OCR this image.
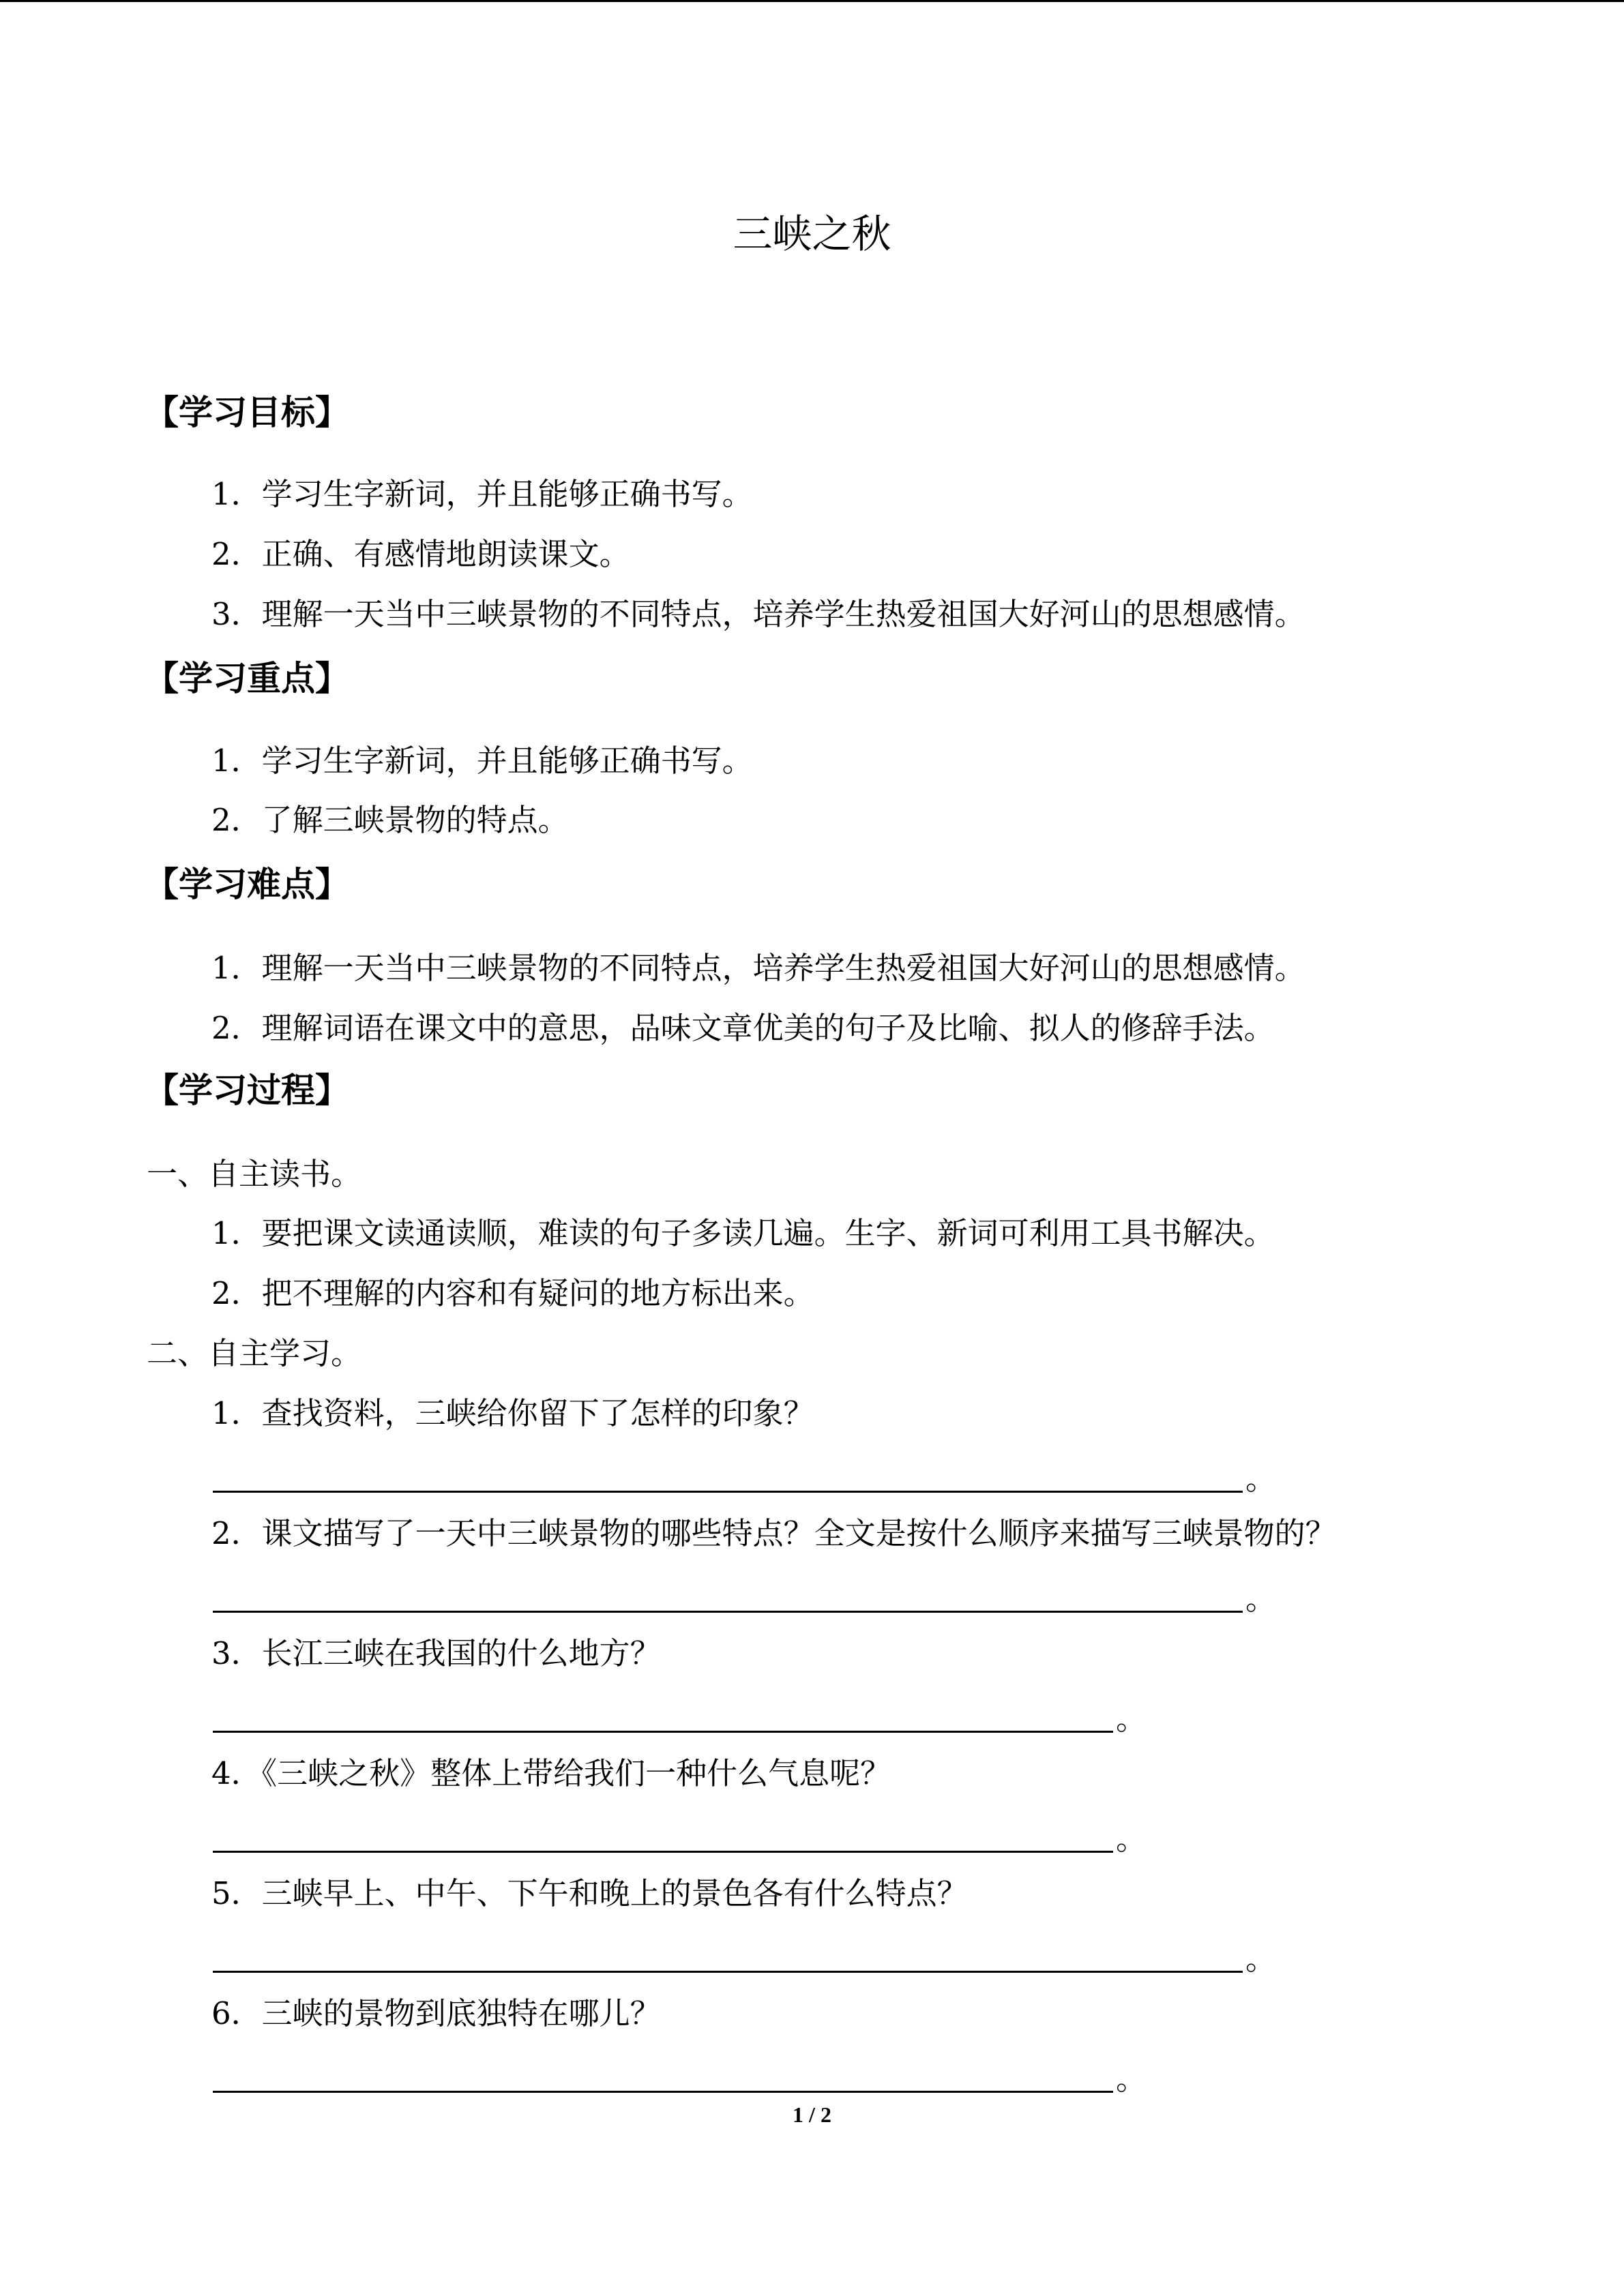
三峡之秋
【学习目标】
1．学习生字新词，并且能够正确书写。
2．正确、有感情地朗读课文。
3．理解一天当中三峡景物的不同特点，培养学生热爱祖国大好河山的思想感情。
【学习重点】
1．学习生字新词，并且能够正确书写。
2．了解三峡景物的特点。
【学习难点】
1．理解一天当中三峡景物的不同特点，培养学生热爱祖国大好河山的思想感情。
2．理解词语在课文中的意思，品味文章优美的句子及比喻、拟人的修辞手法。
【学习过程】
一、自主读书。
1．要把课文读通读顺，难读的句子多读几遍。生字、新词可利用工具书解决。
2．把不理解的内容和有疑问的地方标出来。
二、自主学习。
1．查找资料，三峡给你留下了怎样的印象？
。
2．课文描写了一天中三峡景物的哪些特点？全文是按什么顺序来描写三峡景物的？
。
3．长江三峡在我国的什么地方？
。
4．《三峡之秋》整体上带给我们一种什么气息呢？
。
5．三峡早上、中午、下午和晚上的景色各有什么特点？
。
6．三峡的景物到底独特在哪儿？
。
1 / 2
